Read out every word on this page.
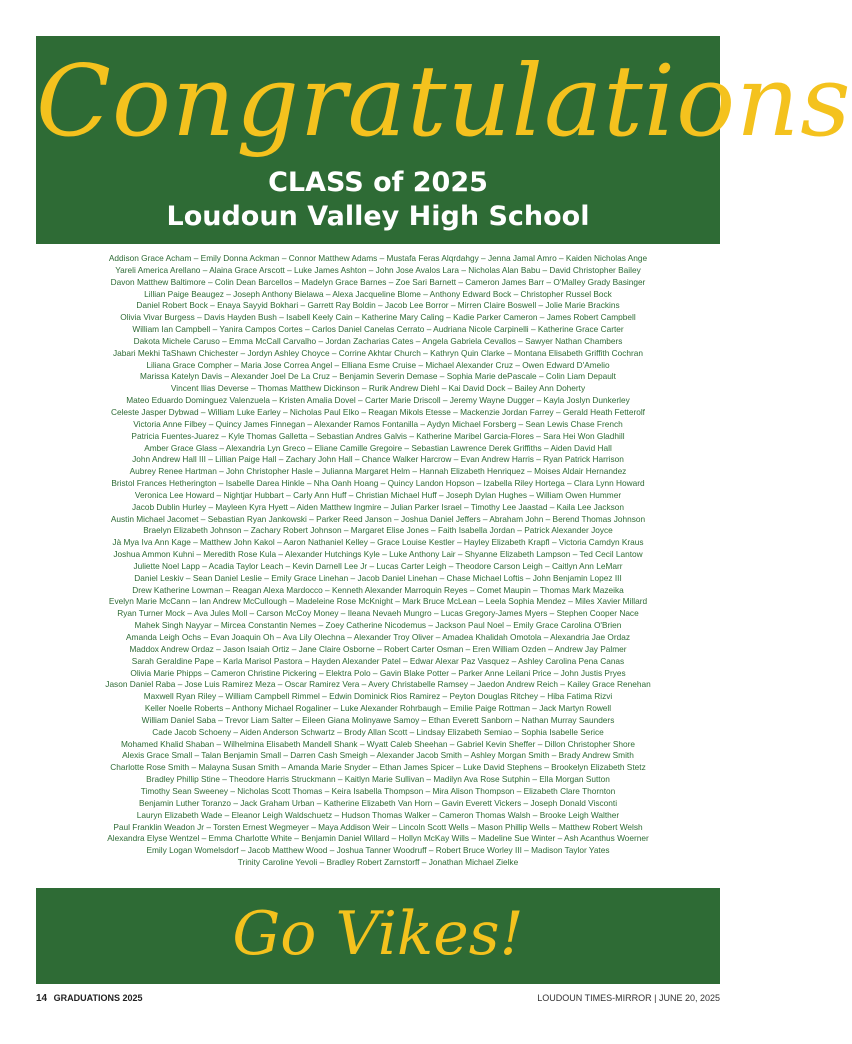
Congratulations
CLASS of 2025
Loudoun Valley High School
Addison Grace Acham – Emily Donna Ackman – Connor Matthew Adams – Mustafa Feras Alqrdahgy – Jenna Jamal Amro – Kaiden Nicholas Ange
Yareli America Arellano – Alaina Grace Arscott – Luke James Ashton – John Jose Avalos Lara – Nicholas Alan Babu – David Christopher Bailey
Davon Matthew Baltimore – Colin Dean Barcellos – Madelyn Grace Barnes – Zoe Sari Barnett – Cameron James Barr – O'Malley Grady Basinger
Lillian Paige Beaugez – Joseph Anthony Bielawa – Alexa Jacqueline Blome – Anthony Edward Bock – Christopher Russel Bock
Daniel Robert Bock – Enaya Sayyid Bokhari – Garrett Ray Boldin – Jacob Lee Borror – Mirren Claire Boswell – Jolie Marie Brackins
Olivia Vivar Burgess – Davis Hayden Bush – Isabell Keely Cain – Katherine Mary Caling – Kadie Parker Cameron – James Robert Campbell
William Ian Campbell – Yanira Campos Cortes – Carlos Daniel Canelas Cerrato – Audriana Nicole Carpinelli – Katherine Grace Carter
Dakota Michele Caruso – Emma McCall Carvalho – Jordan Zacharias Cates – Angela Gabriela Cevallos – Sawyer Nathan Chambers
Jabari Mekhi TaShawn Chichester – Jordyn Ashley Choyce – Corrine Akhtar Church – Kathryn Quin Clarke – Montana Elisabeth Griffith Cochran
Liliana Grace Compher – Maria Jose Correa Angel – Elliana Esme Cruise – Michael Alexander Cruz – Owen Edward D'Amelio
Marissa Katelyn Davis – Alexander Joel De La Cruz – Benjamin Severin Demase – Sophia Marie dePascale – Colin Liam Depault
Vincent Ilias Deverse – Thomas Matthew Dickinson – Rurik Andrew Diehl – Kai David Dock – Bailey Ann Doherty
Mateo Eduardo Dominguez Valenzuela – Kristen Amalia Dovel – Carter Marie Driscoll – Jeremy Wayne Dugger – Kayla Joslyn Dunkerley
Celeste Jasper Dybwad – William Luke Earley – Nicholas Paul Elko – Reagan Mikols Etesse – Mackenzie Jordan Farrey – Gerald Heath Fetterolf
Victoria Anne Filbey – Quincy James Finnegan – Alexander Ramos Fontanilla – Aydyn Michael Forsberg – Sean Lewis Chase French
Patricia Fuentes-Juarez – Kyle Thomas Galletta – Sebastian Andres Galvis – Katherine Maribel Garcia-Flores – Sara Hei Won Gladhill
Amber Grace Glass – Alexandria Lyn Greco – Eliane Camille Gregoire – Sebastian Lawrence Derek Griffiths – Aiden David Hall
John Andrew Hall III – Lillian Paige Hall – Zachary John Hall – Chance Walker Harcrow – Evan Andrew Harris – Ryan Patrick Harrison
Aubrey Renee Hartman – John Christopher Hasle – Julianna Margaret Helm – Hannah Elizabeth Henriquez – Moises Aldair Hernandez
Bristol Frances Hetherington – Isabelle Darea Hinkle – Nha Oanh Hoang – Quincy Landon Hopson – Izabella Riley Hortega – Clara Lynn Howard
Veronica Lee Howard – Nightjar Hubbart – Carly Ann Huff – Christian Michael Huff – Joseph Dylan Hughes – William Owen Hummer
Jacob Dublin Hurley – Mayleen Kyra Hyett – Aiden Matthew Ingmire – Julian Parker Israel – Timothy Lee Jaastad – Kaila Lee Jackson
Austin Michael Jacomet – Sebastian Ryan Jankowski – Parker Reed Janson – Joshua Daniel Jeffers – Abraham John – Berend Thomas Johnson
Braelyn Elizabeth Johnson – Zachary Robert Johnson – Margaret Elise Jones – Faith Isabella Jordan – Patrick Alexander Joyce
Jà Mya Iva Ann Kage – Matthew John Kakol – Aaron Nathaniel Kelley – Grace Louise Kestler – Hayley Elizabeth Krapfl – Victoria Camdyn Kraus
Joshua Ammon Kuhni – Meredith Rose Kula – Alexander Hutchings Kyle – Luke Anthony Lair – Shyanne Elizabeth Lampson – Ted Cecil Lantow
Juliette Noel Lapp – Acadia Taylor Leach – Kevin Darnell Lee Jr – Lucas Carter Leigh – Theodore Carson Leigh – Caitlyn Ann LeMarr
Daniel Leskiv – Sean Daniel Leslie – Emily Grace Linehan – Jacob Daniel Linehan – Chase Michael Loftis – John Benjamin Lopez III
Drew Katherine Lowman – Reagan Alexa Mardocco – Kenneth Alexander Marroquin Reyes – Comet Maupin – Thomas Mark Mazeika
Evelyn Marie McCann – Ian Andrew McCullough – Madeleine Rose McKnight – Mark Bruce McLean – Leela Sophia Mendez – Miles Xavier Millard
Ryan Turner Mock – Ava Jules Moll – Carson McCoy Money – Ileana Nevaeh Mungro – Lucas Gregory-James Myers – Stephen Cooper Nace
Mahek Singh Nayyar – Mircea Constantin Nemes – Zoey Catherine Nicodemus – Jackson Paul Noel – Emily Grace Carolina O'Brien
Amanda Leigh Ochs – Evan Joaquin Oh – Ava Lily Olechna – Alexander Troy Oliver – Amadea Khalidah Omotola – Alexandria Jae Ordaz
Maddox Andrew Ordaz – Jason Isaiah Ortiz – Jane Claire Osborne – Robert Carter Osman – Eren William Ozden – Andrew Jay Palmer
Sarah Geraldine Pape – Karla Marisol Pastora – Hayden Alexander Patel – Edwar Alexar Paz Vasquez – Ashley Carolina Pena Canas
Olivia Marie Phipps – Cameron Christine Pickering – Elektra Polo – Gavin Blake Potter – Parker Anne Leilani Price – John Justis Pryes
Jason Daniel Raba – Jose Luis Ramirez Meza – Oscar Ramirez Vera – Avery Christabelle Ramsey – Jaedon Andrew Reich – Kailey Grace Renehan
Maxwell Ryan Riley – William Campbell Rimmel – Edwin Dominick Rios Ramirez – Peyton Douglas Ritchey – Hiba Fatima Rizvi
Keller Noelle Roberts – Anthony Michael Rogaliner – Luke Alexander Rohrbaugh – Emilie Paige Rottman – Jack Martyn Rowell
William Daniel Saba – Trevor Liam Salter – Eileen Giana Molinyawe Samoy – Ethan Everett Sanborn – Nathan Murray Saunders
Cade Jacob Schoeny – Aiden Anderson Schwartz – Brody Allan Scott – Lindsay Elizabeth Semiao – Sophia Isabelle Serice
Mohamed Khalid Shaban – Wilhelmina Elisabeth Mandell Shank – Wyatt Caleb Sheehan – Gabriel Kevin Sheffer – Dillon Christopher Shore
Alexis Grace Small – Talan Benjamin Small – Darren Cash Smeigh – Alexander Jacob Smith – Ashley Morgan Smith – Brady Andrew Smith
Charlotte Rose Smith – Malayna Susan Smith – Amanda Marie Snyder – Ethan James Spicer – Luke David Stephens – Brookelyn Elizabeth Stetz
Bradley Phillip Stine – Theodore Harris Struckmann – Kaitlyn Marie Sullivan – Madilyn Ava Rose Sutphin – Ella Morgan Sutton
Timothy Sean Sweeney – Nicholas Scott Thomas – Keira Isabella Thompson – Mira Alison Thompson – Elizabeth Clare Thornton
Benjamin Luther Toranzo – Jack Graham Urban – Katherine Elizabeth Van Horn – Gavin Everett Vickers – Joseph Donald Visconti
Lauryn Elizabeth Wade – Eleanor Leigh Waldschuetz – Hudson Thomas Walker – Cameron Thomas Walsh – Brooke Leigh Walther
Paul Franklin Weadon Jr – Torsten Ernest Wegmeyer – Maya Addison Weir – Lincoln Scott Wells – Mason Phillip Wells – Matthew Robert Welsh
Alexandra Elyse Wentzel – Emma Charlotte White – Benjamin Daniel Willard – Hollyn McKay Wills – Madeline Sue Winter – Ash Acanthus Woerner
Emily Logan Womelsdorf – Jacob Matthew Wood – Joshua Tanner Woodruff – Robert Bruce Worley III – Madison Taylor Yates
Trinity Caroline Yevoli – Bradley Robert Zarnstorff – Jonathan Michael Zielke
Go Vikes!
14 GRADUATIONS 2025	LOUDOUN TIMES-MIRROR | JUNE 20, 2025
